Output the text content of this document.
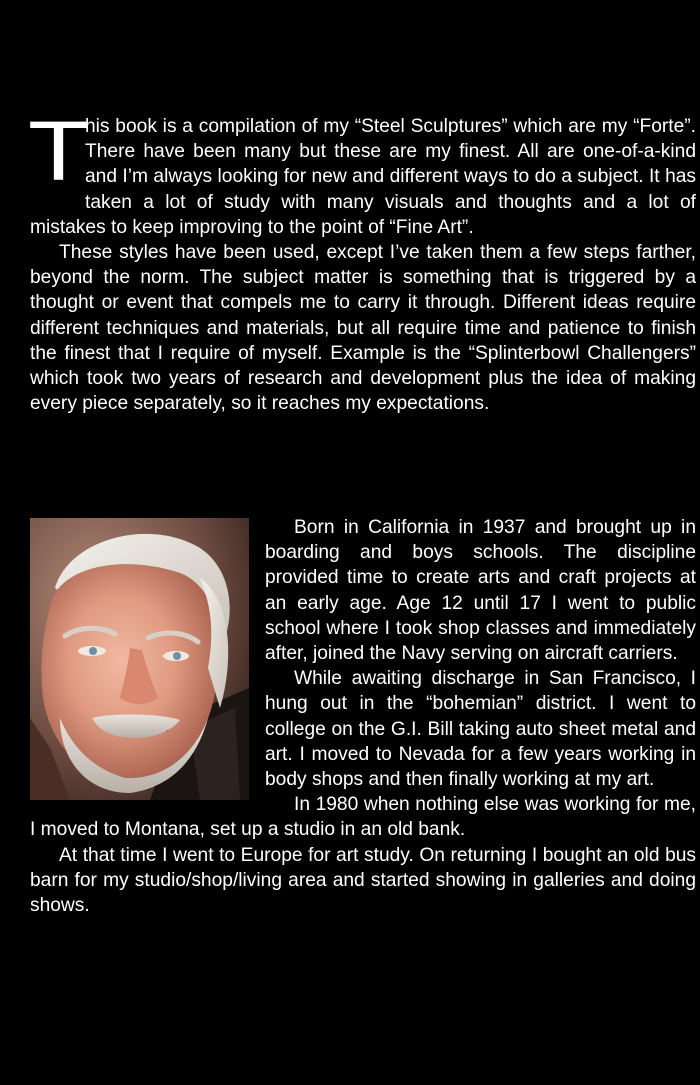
T
his book is a compilation of my “Steel Sculptures” which are my “Forte”. There have been many but these are my finest. All are one-of-a-kind and I’m always looking for new and different ways to do a subject. It has taken a lot of study with many visuals and thoughts and a lot of mistakes to keep improving to the point of “Fine Art”.

These styles have been used, except I’ve taken them a few steps farther, beyond the norm. The subject matter is something that is triggered by a thought or event that compels me to carry it through. Different ideas require different techniques and materials, but all require time and patience to finish the finest that I require of myself. Example is the “Splinterbowl Challengers” which took two years of research and development plus the idea of making every piece separately, so it reaches my expectations.

Born in California in 1937 and brought up in boarding and boys schools. The discipline provided time to create arts and craft projects at an early age. Age 12 until 17 I went to public school where I took shop classes and immediately after, joined the Navy serving on aircraft carriers.

While awaiting discharge in San Francisco, I hung out in the “bohemian” district. I went to college on the G.I. Bill taking auto sheet metal and art. I moved to Nevada for a few years working in body shops and then finally working at my art.

In 1980 when nothing else was working for me, I moved to Montana, set up a studio in an old bank.

At that time I went to Europe for art study. On returning I bought an old bus barn for my studio/shop/living area and started showing in galleries and doing shows.
